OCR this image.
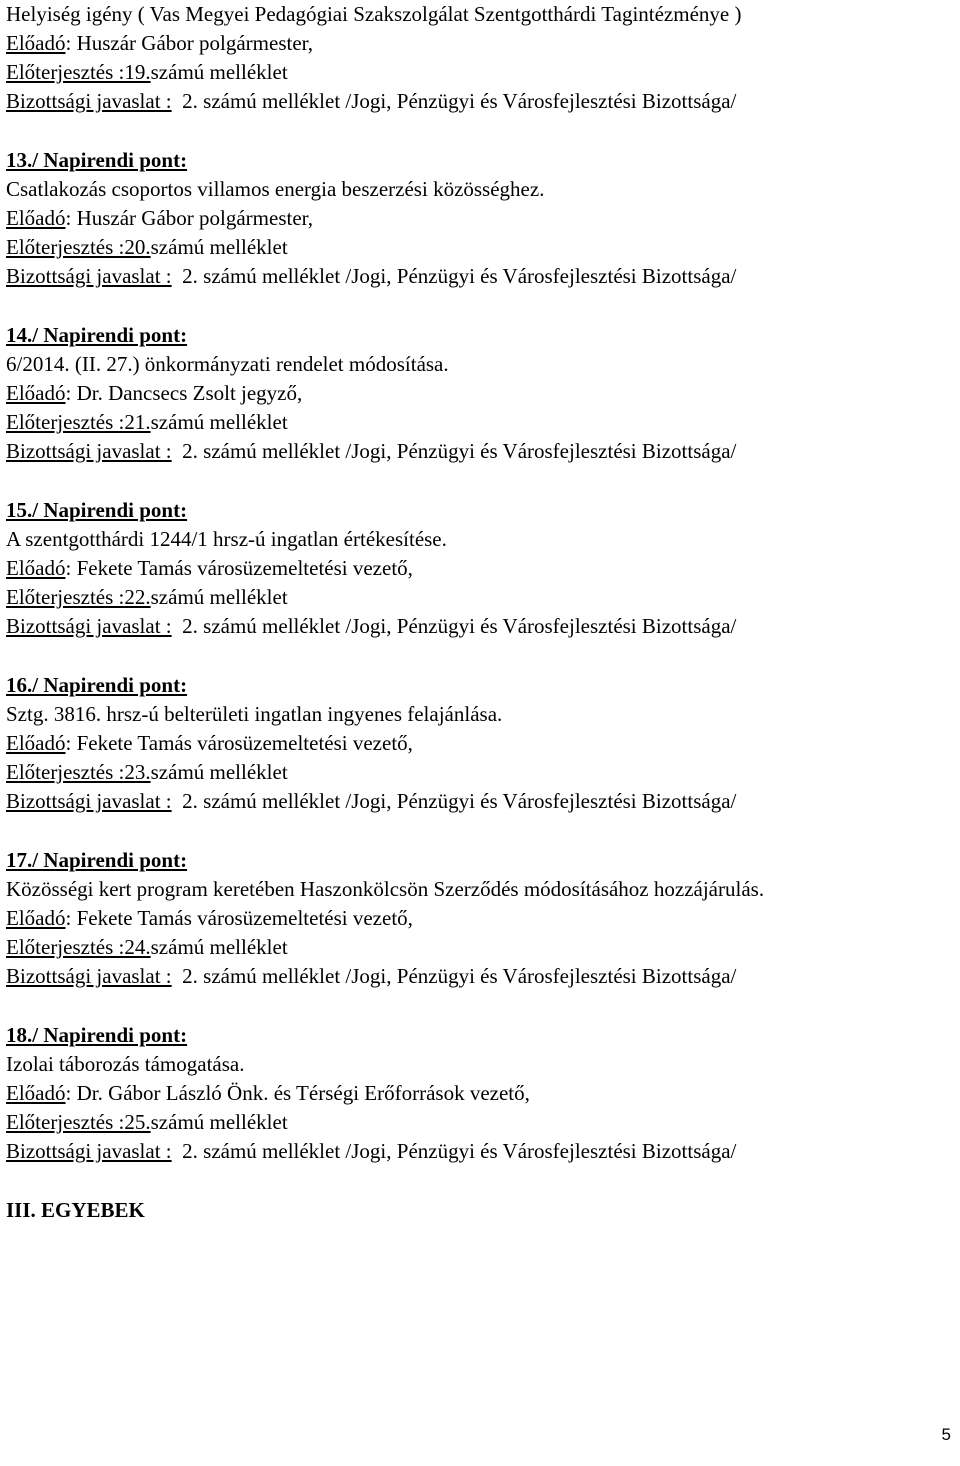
Helyiség igény ( Vas Megyei Pedagógiai Szakszolgálat Szentgotthárdi Tagintézménye )
Előadó: Huszár Gábor polgármester,
Előterjesztés :19.számú melléklet
Bizottsági javaslat : 2. számú melléklet /Jogi, Pénzügyi és Városfejlesztési Bizottsága/
13./ Napirendi pont:
Csatlakozás csoportos villamos energia beszerzési közösséghez.
Előadó: Huszár Gábor polgármester,
Előterjesztés :20.számú melléklet
Bizottsági javaslat : 2. számú melléklet /Jogi, Pénzügyi és Városfejlesztési Bizottsága/
14./ Napirendi pont:
6/2014. (II. 27.) önkormányzati rendelet módosítása.
Előadó: Dr. Dancsecs Zsolt jegyző,
Előterjesztés :21.számú melléklet
Bizottsági javaslat : 2. számú melléklet /Jogi, Pénzügyi és Városfejlesztési Bizottsága/
15./ Napirendi pont:
A szentgotthárdi 1244/1 hrsz-ú ingatlan értékesítése.
Előadó: Fekete Tamás városüzemeltetési vezető,
Előterjesztés :22.számú melléklet
Bizottsági javaslat : 2. számú melléklet /Jogi, Pénzügyi és Városfejlesztési Bizottsága/
16./ Napirendi pont:
Sztg. 3816. hrsz-ú belterületi ingatlan ingyenes felajánlása.
Előadó: Fekete Tamás városüzemeltetési vezető,
Előterjesztés :23.számú melléklet
Bizottsági javaslat : 2. számú melléklet /Jogi, Pénzügyi és Városfejlesztési Bizottsága/
17./ Napirendi pont:
Közösségi kert program keretében Haszonkölcsön Szerződés módosításához hozzájárulás.
Előadó: Fekete Tamás városüzemeltetési vezető,
Előterjesztés :24.számú melléklet
Bizottsági javaslat : 2. számú melléklet /Jogi, Pénzügyi és Városfejlesztési Bizottsága/
18./ Napirendi pont:
Izolai táborozás támogatása.
Előadó: Dr. Gábor László Önk. és Térségi Erőforrások vezető,
Előterjesztés :25.számú melléklet
Bizottsági javaslat : 2. számú melléklet /Jogi, Pénzügyi és Városfejlesztési Bizottsága/
III. EGYEBEK
5
